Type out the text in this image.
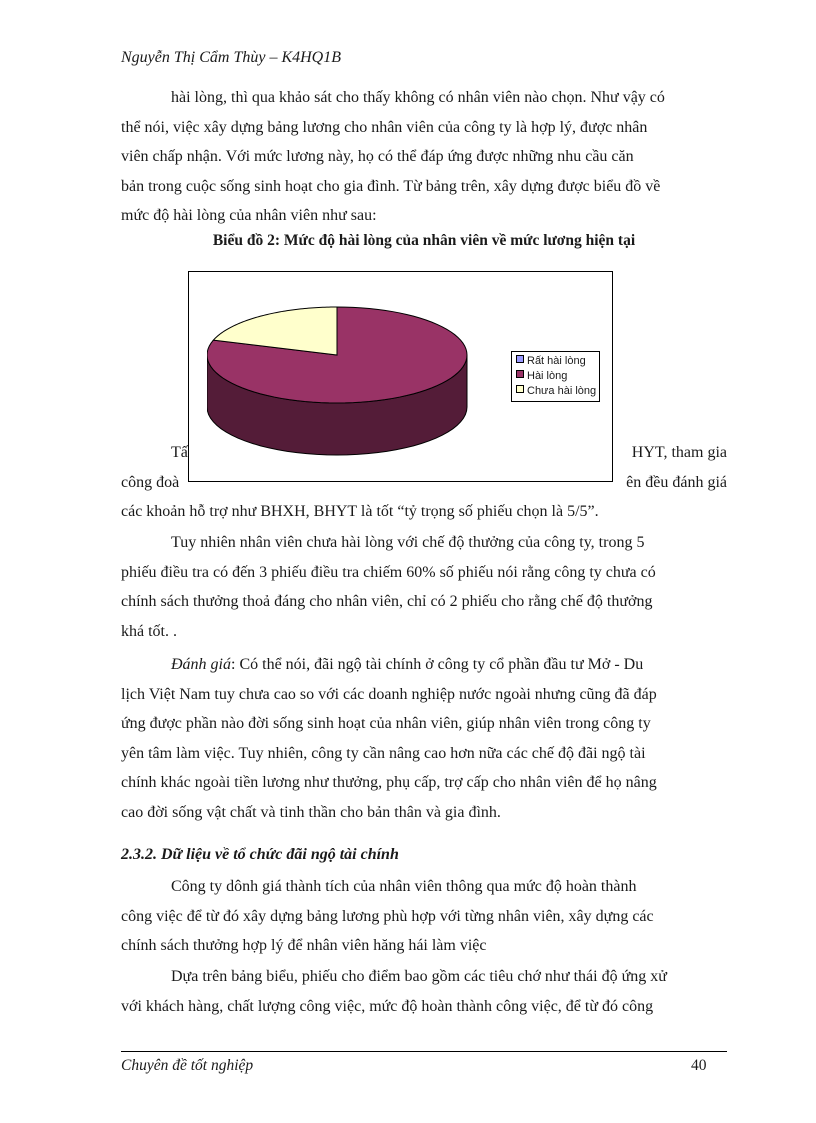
Nguyễn Thị Cẩm Thùy – K4HQ1B
hài lòng, thì qua khảo sát cho thấy không có nhân viên nào chọn. Như vậy có
thể nói, việc xây dựng bảng lương cho nhân viên của công ty là hợp lý, được nhân
viên chấp nhận. Với mức lương này, họ có thể đáp ứng được những nhu cầu căn
bản trong cuộc sống sinh hoạt cho gia đình. Từ bảng trên, xây dựng được biểu đồ về
mức độ hài lòng của nhân viên như sau:
Biểu đồ 2: Mức độ hài lòng của nhân viên về mức lương hiện tại
Tấ	HYT, tham gia
công đoà	ên đều đánh giá
các khoản hỗ trợ như BHXH, BHYT là tốt “tỷ trọng số phiếu chọn là 5/5”.
Rất hài lòng
Hài lòng
Chưa hài lòng
Tuy nhiên nhân viên chưa hài lòng với chế độ thưởng của công ty, trong 5
phiếu điều tra có đến 3 phiếu điều tra chiếm 60% số phiếu nói rằng công ty chưa có
chính sách thưởng thoả đáng cho nhân viên, chỉ có 2 phiếu cho rằng chế độ thưởng
khá tốt. .
Đánh giá: Có thể nói, đãi ngộ tài chính ở công ty cổ phần đầu tư Mở - Du
lịch Việt Nam tuy chưa cao so với các doanh nghiệp nước ngoài nhưng cũng đã đáp
ứng được phần nào đời sống sinh hoạt của nhân viên, giúp nhân viên trong công ty
yên tâm làm việc. Tuy nhiên, công ty cần nâng cao hơn nữa các chế độ đãi ngộ tài
chính khác ngoài tiền lương như thưởng, phụ cấp, trợ cấp cho nhân viên để họ nâng
cao đời sống vật chất và tinh thần cho bản thân và gia đình.
2.3.2. Dữ liệu về tổ chức đãi ngộ tài chính
Công ty dônh giá thành tích của nhân viên thông qua mức độ hoàn thành
công việc để từ đó xây dựng bảng lương phù hợp với từng nhân viên, xây dựng các
chính sách thưởng hợp lý để nhân viên hăng hái làm việc
Dựa trên bảng biểu, phiếu cho điểm bao gồm các tiêu chớ như thái độ ứng xử
với khách hàng, chất lượng công việc, mức độ hoàn thành công việc, để từ đó công
Chuyên đề tốt nghiệp	40
